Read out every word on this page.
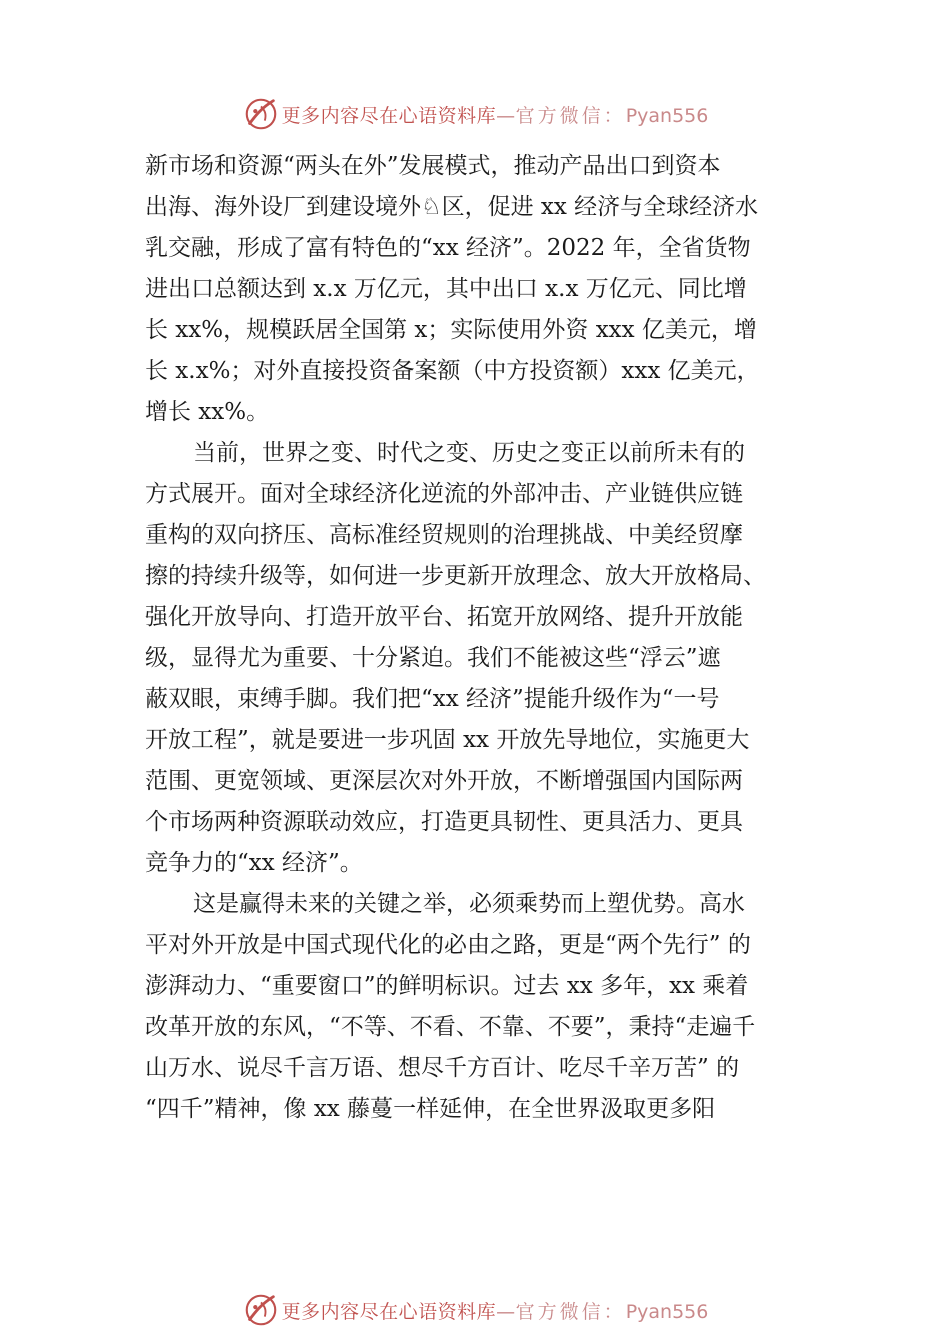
更多内容尽在心语资料库—官方微信：Pyan556
新市场和资源“两头在外”发展模式，推动产品出口到资本
出海、海外设厂到建设境外♘区，促进 xx 经济与全球经济水
乳交融，形成了富有特色的“xx 经济”。2022 年，全省货物
进出口总额达到 x.x 万亿元，其中出口 x.x 万亿元、同比增
长 xx%，规模跃居全国第 x；实际使用外资 xxx 亿美元，增
长 x.x%；对外直接投资备案额（中方投资额）xxx 亿美元，
增长 xx%。
当前，世界之变、时代之变、历史之变正以前所未有的
方式展开。面对全球经济化逆流的外部冲击、产业链供应链
重构的双向挤压、高标准经贸规则的治理挑战、中美经贸摩
擦的持续升级等，如何进一步更新开放理念、放大开放格局、
强化开放导向、打造开放平台、拓宽开放网络、提升开放能
级，显得尤为重要、十分紧迫。我们不能被这些“浮云”遮
蔽双眼，束缚手脚。我们把“xx 经济”提能升级作为“一号
开放工程”，就是要进一步巩固 xx 开放先导地位，实施更大
范围、更宽领域、更深层次对外开放，不断增强国内国际两
个市场两种资源联动效应，打造更具韧性、更具活力、更具
竞争力的“xx 经济”。
这是赢得未来的关键之举，必须乘势而上塑优势。高水
平对外开放是中国式现代化的必由之路，更是“两个先行” 的
澎湃动力、“重要窗口”的鲜明标识。过去 xx 多年，xx 乘着
改革开放的东风，“不等、不看、不靠、不要”，秉持“走遍千
山万水、说尽千言万语、想尽千方百计、吃尽千辛万苦” 的
“四千”精神，像 xx 藤蔓一样延伸，在全世界汲取更多阳
更多内容尽在心语资料库—官方微信：Pyan556
